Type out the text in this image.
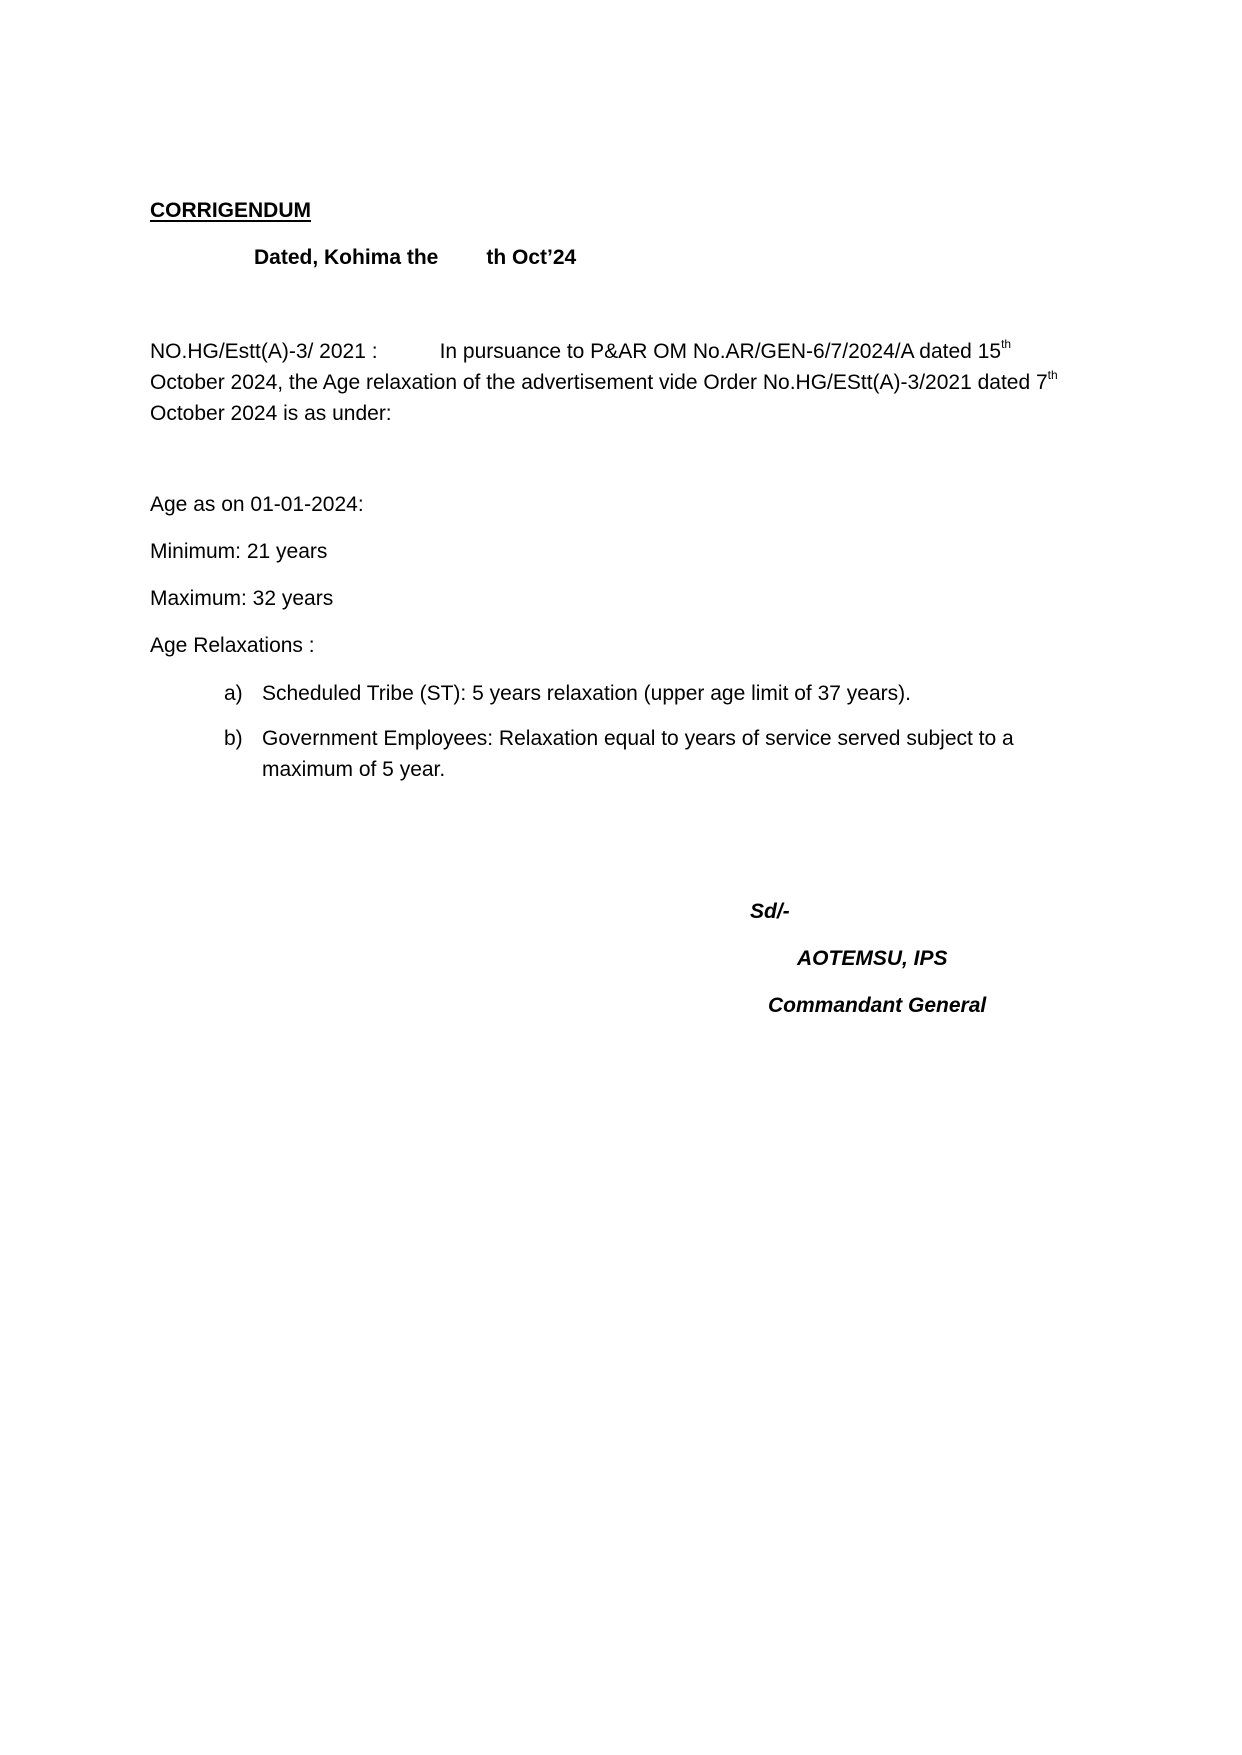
CORRIGENDUM
Dated, Kohima the th Oct’24
NO.HG/Estt(A)-3/ 2021 :	In pursuance to P&AR OM No.AR/GEN-6/7/2024/A dated 15th
October 2024, the Age relaxation of the advertisement vide Order No.HG/EStt(A)-3/2021 dated 7th
October 2024 is as under:
Age as on 01-01-2024:
Minimum: 21 years
Maximum: 32 years
Age Relaxations :
a) Scheduled Tribe (ST): 5 years relaxation (upper age limit of 37 years).
b) Government Employees: Relaxation equal to years of service served subject to a maximum of 5 year.
Sd/-
AOTEMSU, IPS
Commandant General
